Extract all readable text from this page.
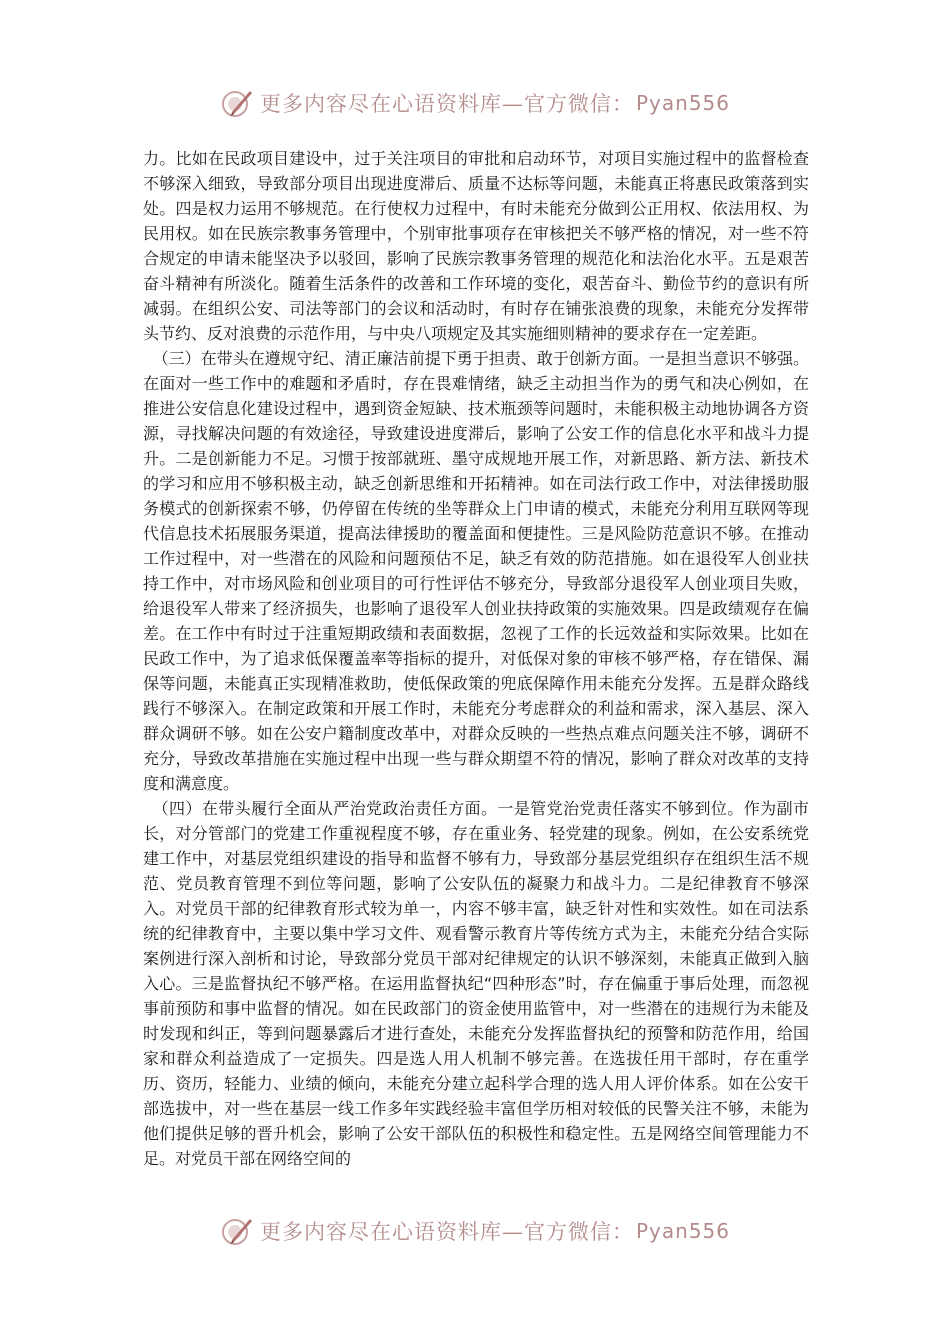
更多内容尽在心语资料库—官方微信： Pyan556

力。比如在民政项目建设中，过于关注项目的审批和启动环节，对项目实施过程中的监督检查不够深入细致，导致部分项目出现进度滞后、质量不达标等问题，未能真正将惠民政策落到实处。四是权力运用不够规范。在行使权力过程中，有时未能充分做到公正用权、依法用权、为民用权。如在民族宗教事务管理中，个别审批事项存在审核把关不够严格的情况，对一些不符合规定的申请未能坚决予以驳回，影响了民族宗教事务管理的规范化和法治化水平。五是艰苦奋斗精神有所淡化。随着生活条件的改善和工作环境的变化，艰苦奋斗、勤俭节约的意识有所减弱。在组织公安、司法等部门的会议和活动时，有时存在铺张浪费的现象，未能充分发挥带头节约、反对浪费的示范作用，与中央八项规定及其实施细则精神的要求存在一定差距。

（三）在带头在遵规守纪、清正廉洁前提下勇于担责、敢于创新方面。一是担当意识不够强。在面对一些工作中的难题和矛盾时，存在畏难情绪，缺乏主动担当作为的勇气和决心例如，在推进公安信息化建设过程中，遇到资金短缺、技术瓶颈等问题时，未能积极主动地协调各方资源，寻找解决问题的有效途径，导致建设进度滞后，影响了公安工作的信息化水平和战斗力提升。二是创新能力不足。习惯于按部就班、墨守成规地开展工作，对新思路、新方法、新技术的学习和应用不够积极主动，缺乏创新思维和开拓精神。如在司法行政工作中，对法律援助服务模式的创新探索不够，仍停留在传统的坐等群众上门申请的模式，未能充分利用互联网等现代信息技术拓展服务渠道，提高法律援助的覆盖面和便捷性。三是风险防范意识不够。在推动工作过程中，对一些潜在的风险和问题预估不足，缺乏有效的防范措施。如在退役军人创业扶持工作中，对市场风险和创业项目的可行性评估不够充分，导致部分退役军人创业项目失败，给退役军人带来了经济损失，也影响了退役军人创业扶持政策的实施效果。四是政绩观存在偏差。在工作中有时过于注重短期政绩和表面数据，忽视了工作的长远效益和实际效果。比如在民政工作中，为了追求低保覆盖率等指标的提升，对低保对象的审核不够严格，存在错保、漏保等问题，未能真正实现精准救助，使低保政策的兜底保障作用未能充分发挥。五是群众路线践行不够深入。在制定政策和开展工作时，未能充分考虑群众的利益和需求，深入基层、深入群众调研不够。如在公安户籍制度改革中，对群众反映的一些热点难点问题关注不够，调研不充分，导致改革措施在实施过程中出现一些与群众期望不符的情况，影响了群众对改革的支持度和满意度。

（四）在带头履行全面从严治党政治责任方面。一是管党治党责任落实不够到位。作为副市长，对分管部门的党建工作重视程度不够，存在重业务、轻党建的现象。例如，在公安系统党建工作中，对基层党组织建设的指导和监督不够有力，导致部分基层党组织存在组织生活不规范、党员教育管理不到位等问题，影响了公安队伍的凝聚力和战斗力。二是纪律教育不够深入。对党员干部的纪律教育形式较为单一，内容不够丰富，缺乏针对性和实效性。如在司法系统的纪律教育中，主要以集中学习文件、观看警示教育片等传统方式为主，未能充分结合实际案例进行深入剖析和讨论，导致部分党员干部对纪律规定的认识不够深刻，未能真正做到入脑入心。三是监督执纪不够严格。在运用监督执纪“四种形态”时，存在偏重于事后处理，而忽视事前预防和事中监督的情况。如在民政部门的资金使用监管中，对一些潜在的违规行为未能及时发现和纠正，等到问题暴露后才进行查处，未能充分发挥监督执纪的预警和防范作用，给国家和群众利益造成了一定损失。四是选人用人机制不够完善。在选拔任用干部时，存在重学历、资历，轻能力、业绩的倾向，未能充分建立起科学合理的选人用人评价体系。如在公安干部选拔中，对一些在基层一线工作多年实践经验丰富但学历相对较低的民警关注不够，未能为他们提供足够的晋升机会，影响了公安干部队伍的积极性和稳定性。五是网络空间管理能力不足。对党员干部在网络空间的

更多内容尽在心语资料库—官方微信： Pyan556
